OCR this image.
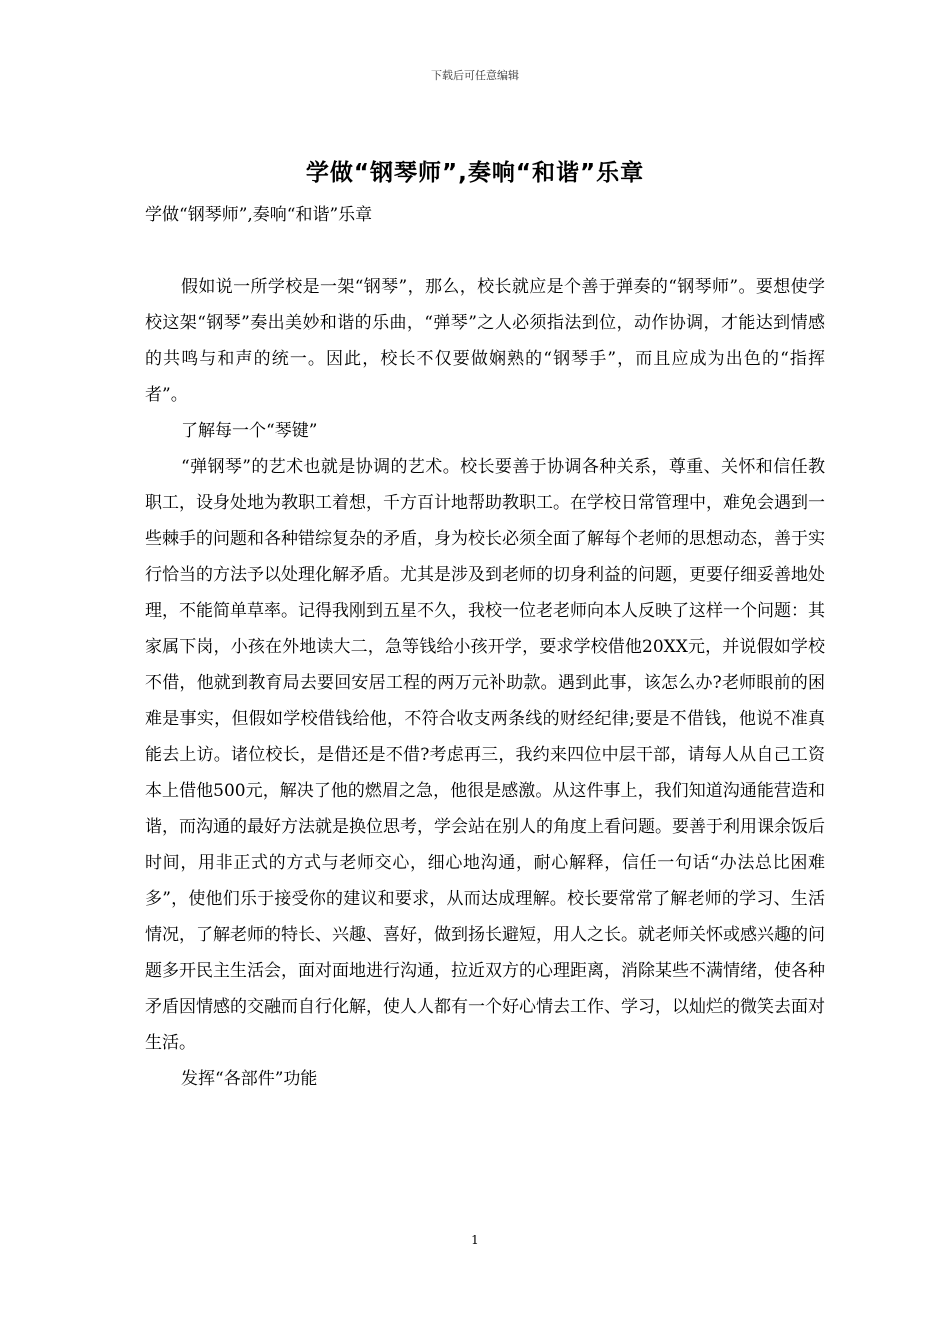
下载后可任意编辑
学做“钢琴师”,奏响“和谐”乐章

学做“钢琴师”,奏响“和谐”乐章

假如说一所学校是一架“钢琴”，那么，校长就应是个善于弹奏的“钢琴师”。要想使学校这架“钢琴”奏出美妙和谐的乐曲，“弹琴”之人必须指法到位，动作协调，才能达到情感的共鸣与和声的统一。因此，校长不仅要做娴熟的“钢琴手”，而且应成为出色的“指挥者”。

了解每一个“琴键”

“弹钢琴”的艺术也就是协调的艺术。校长要善于协调各种关系，尊重、关怀和信任教职工，设身处地为教职工着想，千方百计地帮助教职工。在学校日常管理中，难免会遇到一些棘手的问题和各种错综复杂的矛盾，身为校长必须全面了解每个老师的思想动态，善于实行恰当的方法予以处理化解矛盾。尤其是涉及到老师的切身利益的问题，更要仔细妥善地处理，不能简单草率。记得我刚到五星不久，我校一位老老师向本人反映了这样一个问题：其家属下岗，小孩在外地读大二，急等钱给小孩开学，要求学校借他20XX元，并说假如学校不借，他就到教育局去要回安居工程的两万元补助款。遇到此事，该怎么办?老师眼前的困难是事实，但假如学校借钱给他，不符合收支两条线的财经纪律;要是不借钱，他说不准真能去上访。诸位校长，是借还是不借?考虑再三，我约来四位中层干部，请每人从自己工资本上借他500元，解决了他的燃眉之急，他很是感激。从这件事上，我们知道沟通能营造和谐，而沟通的最好方法就是换位思考，学会站在别人的角度上看问题。要善于利用课余饭后时间，用非正式的方式与老师交心，细心地沟通，耐心解释，信任一句话“办法总比困难多”，使他们乐于接受你的建议和要求，从而达成理解。校长要常常了解老师的学习、生活情况，了解老师的特长、兴趣、喜好，做到扬长避短，用人之长。就老师关怀或感兴趣的问题多开民主生活会，面对面地进行沟通，拉近双方的心理距离，消除某些不满情绪，使各种矛盾因情感的交融而自行化解，使人人都有一个好心情去工作、学习，以灿烂的微笑去面对生活。

发挥“各部件”功能

1
